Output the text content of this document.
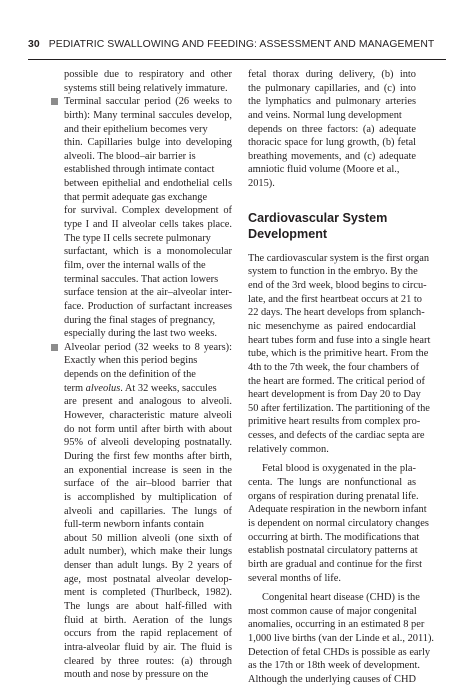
30 PEDIATRIC SWALLOWING AND FEEDING: ASSESSMENT AND MANAGEMENT
possible due to respiratory and other
systems still being relatively immature.
Terminal saccular period (26 weeks to
birth): Many terminal saccules develop,
and their epithelium becomes very
thin. Capillaries bulge into developing
alveoli. The blood–air barrier is
established through intimate contact
between epithelial and endothelial cells
that permit adequate gas exchange
for survival. Complex development of
type I and II alveolar cells takes place.
The type II cells secrete pulmonary
surfactant, which is a monomolecular
film, over the internal walls of the
terminal saccules. That action lowers
surface tension at the air–alveolar inter-
face. Production of surfactant increases
during the final stages of pregnancy,
especially during the last two weeks.
Alveolar period (32 weeks to 8 years):
Exactly when this period begins
depends on the definition of the
term alveolus. At 32 weeks, saccules
are present and analogous to alveoli.
However, characteristic mature alveoli
do not form until after birth with about
95% of alveoli developing postnatally.
During the first few months after birth,
an exponential increase is seen in the
surface of the air–blood barrier that
is accomplished by multiplication of
alveoli and capillaries. The lungs of
full-term newborn infants contain
about 50 million alveoli (one sixth of
adult number), which make their lungs
denser than adult lungs. By 2 years of
age, most postnatal alveolar develop-
ment is completed (Thurlbeck, 1982).
The lungs are about half-filled with
fluid at birth. Aeration of the lungs
occurs from the rapid replacement of
intra-alveolar fluid by air. The fluid is
cleared by three routes: (a) through
mouth and nose by pressure on the
fetal thorax during delivery, (b) into
the pulmonary capillaries, and (c) into
the lymphatics and pulmonary arteries
and veins. Normal lung development
depends on three factors: (a) adequate
thoracic space for lung growth, (b) fetal
breathing movements, and (c) adequate
amniotic fluid volume (Moore et al.,
2015).
Cardiovascular System
Development
The cardiovascular system is the first organ
system to function in the embryo. By the
end of the 3rd week, blood begins to circu-
late, and the first heartbeat occurs at 21 to
22 days. The heart develops from splanch-
nic mesenchyme as paired endocardial
heart tubes form and fuse into a single heart
tube, which is the primitive heart. From the
4th to the 7th week, the four chambers of
the heart are formed. The critical period of
heart development is from Day 20 to Day
50 after fertilization. The partitioning of the
primitive heart results from complex pro-
cesses, and defects of the cardiac septa are
relatively common.
Fetal blood is oxygenated in the pla-
centa. The lungs are nonfunctional as
organs of respiration during prenatal life.
Adequate respiration in the newborn infant
is dependent on normal circulatory changes
occurring at birth. The modifications that
establish postnatal circulatory patterns at
birth are gradual and continue for the first
several months of life.
Congenital heart disease (CHD) is the
most common cause of major congenital
anomalies, occurring in an estimated 8 per
1,000 live births (van der Linde et al., 2011).
Detection of fetal CHDs is possible as early
as the 17th or 18th week of development.
Although the underlying causes of CHD
